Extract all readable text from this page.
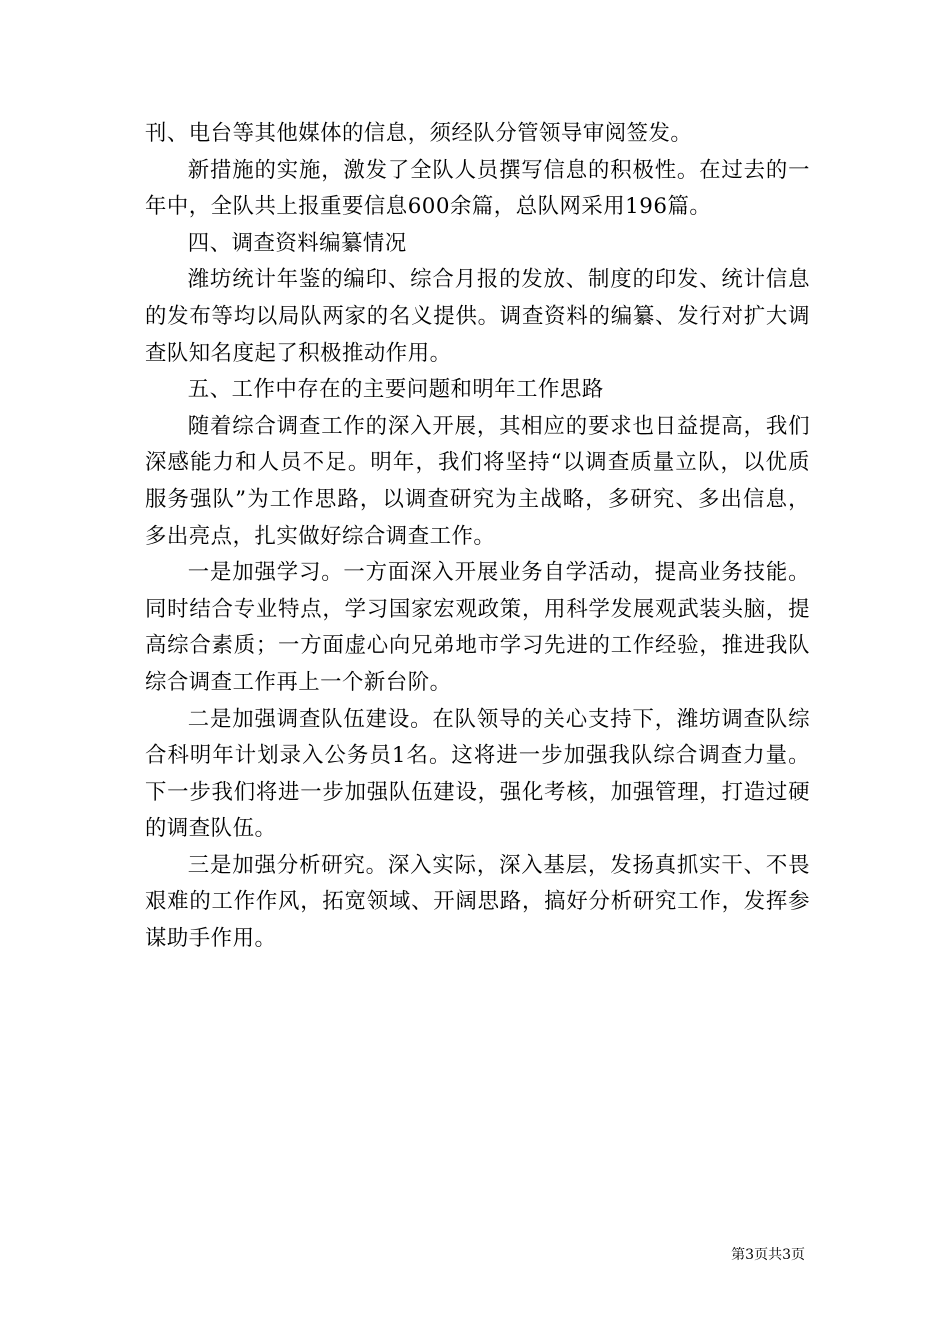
刊、电台等其他媒体的信息，须经队分管领导审阅签发。

新措施的实施，激发了全队人员撰写信息的积极性。在过去的一年中，全队共上报重要信息600余篇，总队网采用196篇。

四、调查资料编纂情况

潍坊统计年鉴的编印、综合月报的发放、制度的印发、统计信息的发布等均以局队两家的名义提供。调查资料的编纂、发行对扩大调查队知名度起了积极推动作用。

五、工作中存在的主要问题和明年工作思路

随着综合调查工作的深入开展，其相应的要求也日益提高，我们深感能力和人员不足。明年，我们将坚持“以调查质量立队，以优质服务强队”为工作思路，以调查研究为主战略，多研究、多出信息，多出亮点，扎实做好综合调查工作。

一是加强学习。一方面深入开展业务自学活动，提高业务技能。同时结合专业特点，学习国家宏观政策，用科学发展观武装头脑，提高综合素质；一方面虚心向兄弟地市学习先进的工作经验，推进我队综合调查工作再上一个新台阶。

二是加强调查队伍建设。在队领导的关心支持下，潍坊调查队综合科明年计划录入公务员1名。这将进一步加强我队综合调查力量。下一步我们将进一步加强队伍建设，强化考核，加强管理，打造过硬的调查队伍。

三是加强分析研究。深入实际，深入基层，发扬真抓实干、不畏艰难的工作作风，拓宽领域、开阔思路，搞好分析研究工作，发挥参谋助手作用。

第3页共3页
